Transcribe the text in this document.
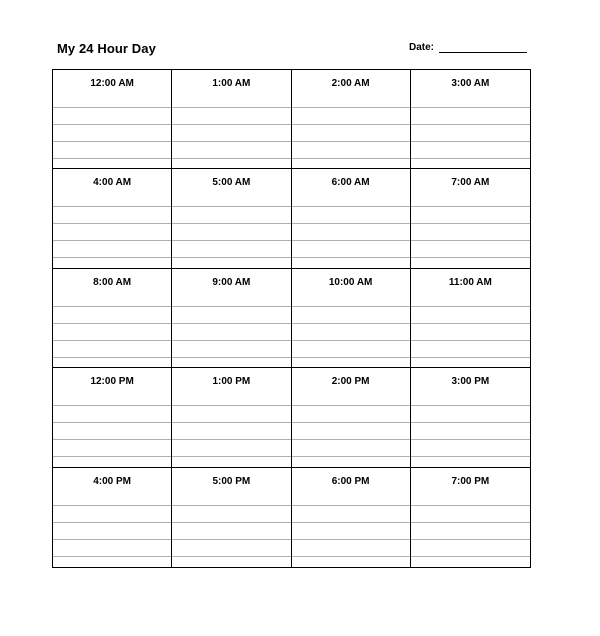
My 24 Hour Day	Date:
12:00 AM	1:00 AM	2:00 AM	3:00 AM
4:00 AM	5:00 AM	6:00 AM	7:00 AM
8:00 AM	9:00 AM	10:00 AM	11:00 AM
12:00 PM	1:00 PM	2:00 PM	3:00 PM
4:00 PM	5:00 PM	6:00 PM	7:00 PM
